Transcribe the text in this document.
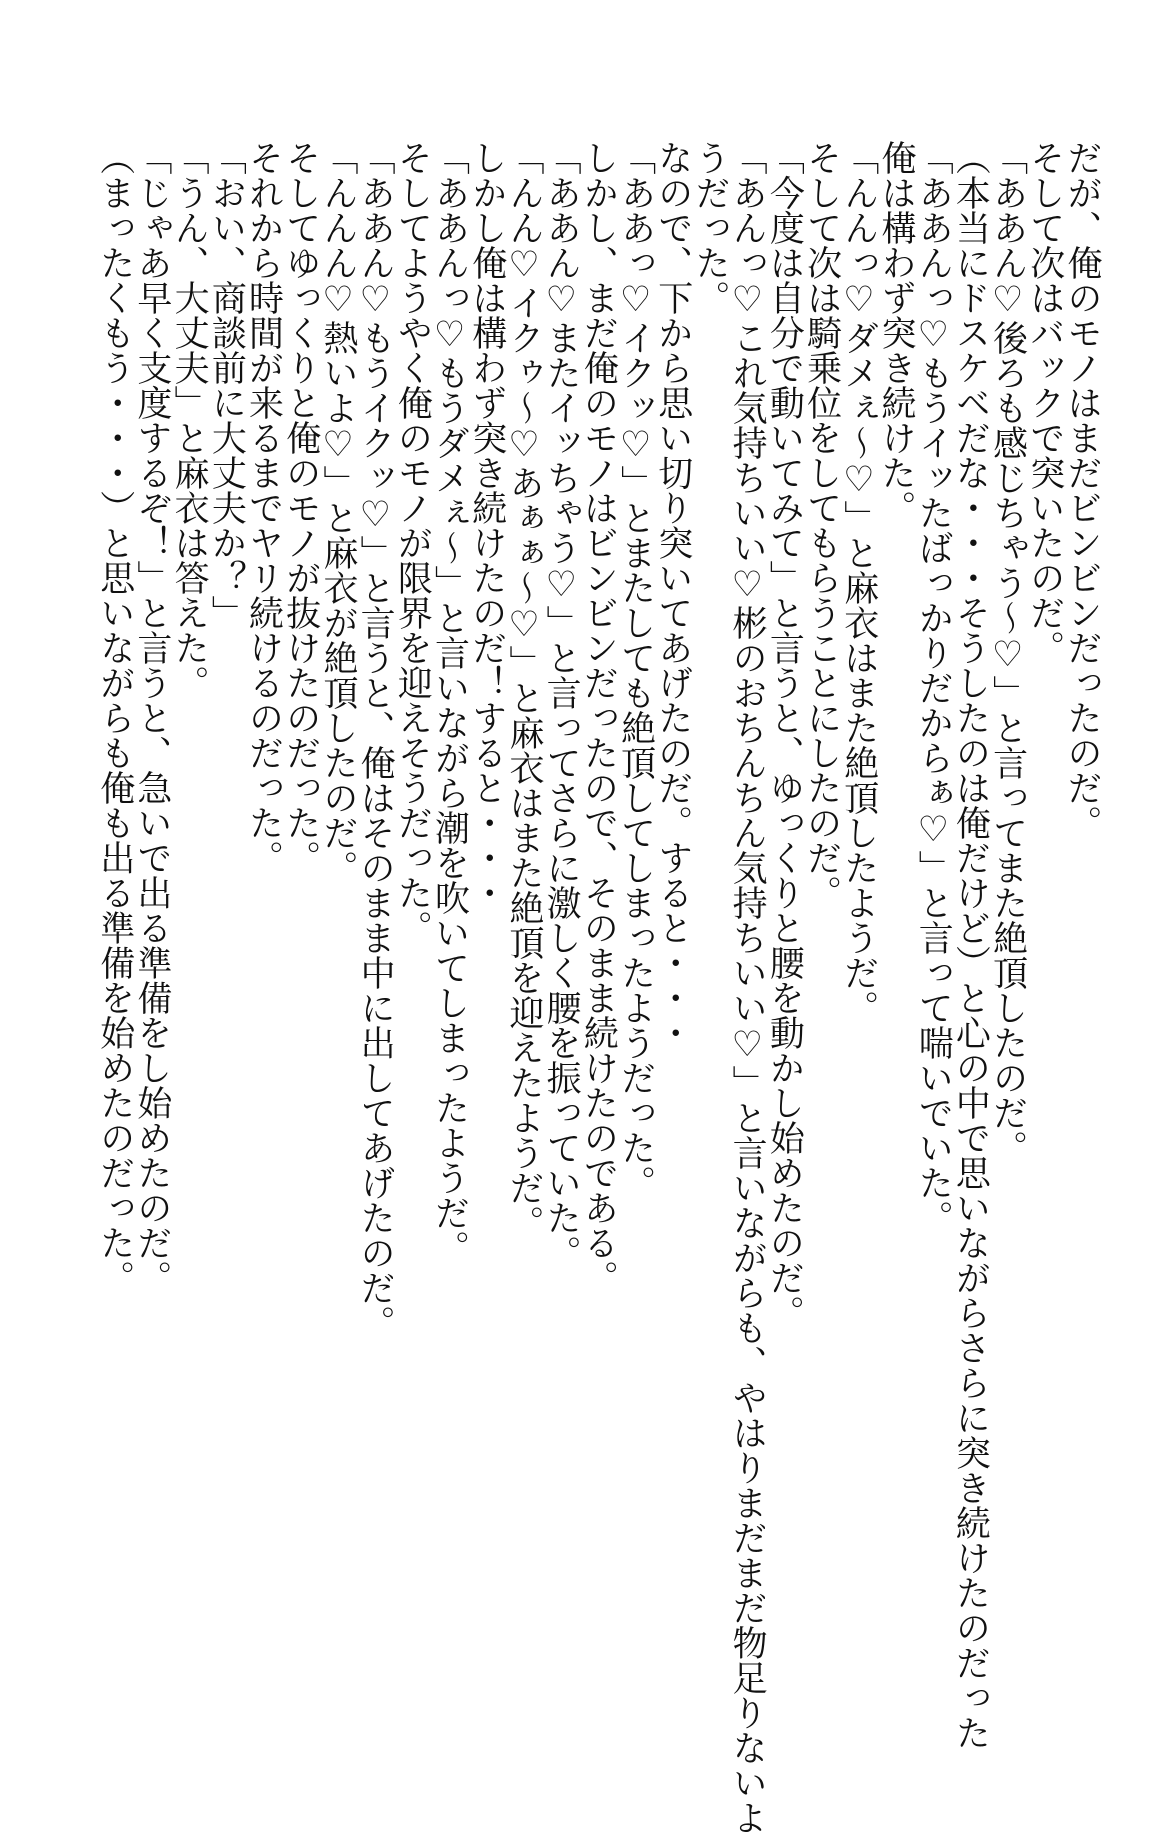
だが、俺のモノはまだビンビンだったのだ。

そして次はバックで突いたのだ。

「ああん♡後ろも感じちゃう～♡」と言ってまた絶頂したのだ。

（本当にドスケベだな・・・そうしたのは俺だけど）と心の中で思いながらさらに突き続けたのだった

「ああんっ♡もうイッたばっかりだからぁ♡」と言って喘いでいた。

俺は構わず突き続けた。

「んんっ♡ダメぇ～♡」と麻衣はまた絶頂したようだ。

そして次は騎乗位をしてもらうことにしたのだ。

「今度は自分で動いてみて」と言うと、ゆっくりと腰を動かし始めたのだ。

「あんっ♡これ気持ちいい♡彬のおちんちん気持ちいい♡」と言いながらも、やはりまだまだ物足りないよ

うだった。

なので、下から思い切り突いてあげたのだ。すると・・・

「ああっ♡イクッ♡」とまたしても絶頂してしまったようだった。

しかし、まだ俺のモノはビンビンだったので、そのまま続けたのである。

「ああん♡またイッちゃう♡」と言ってさらに激しく腰を振っていた。

「んん♡イクゥ～♡あぁぁ～♡」と麻衣はまた絶頂を迎えたようだ。

しかし俺は構わず突き続けたのだ！すると・・・

「ああんっ♡もうダメぇ～」と言いながら潮を吹いてしまったようだ。

そしてようやく俺のモノが限界を迎えそうだった。

「ああん♡もうイクッ♡」と言うと、俺はそのまま中に出してあげたのだ。

「んんん♡熱いよ♡」と麻衣が絶頂したのだ。

そしてゆっくりと俺のモノが抜けたのだった。

それから時間が来るまでヤリ続けるのだった。

「おい、商談前に大丈夫か？」

「うん、大丈夫」と麻衣は答えた。

「じゃあ早く支度するぞ！」と言うと、急いで出る準備をし始めたのだ。

（まったくもう・・・）と思いながらも俺も出る準備を始めたのだった。
